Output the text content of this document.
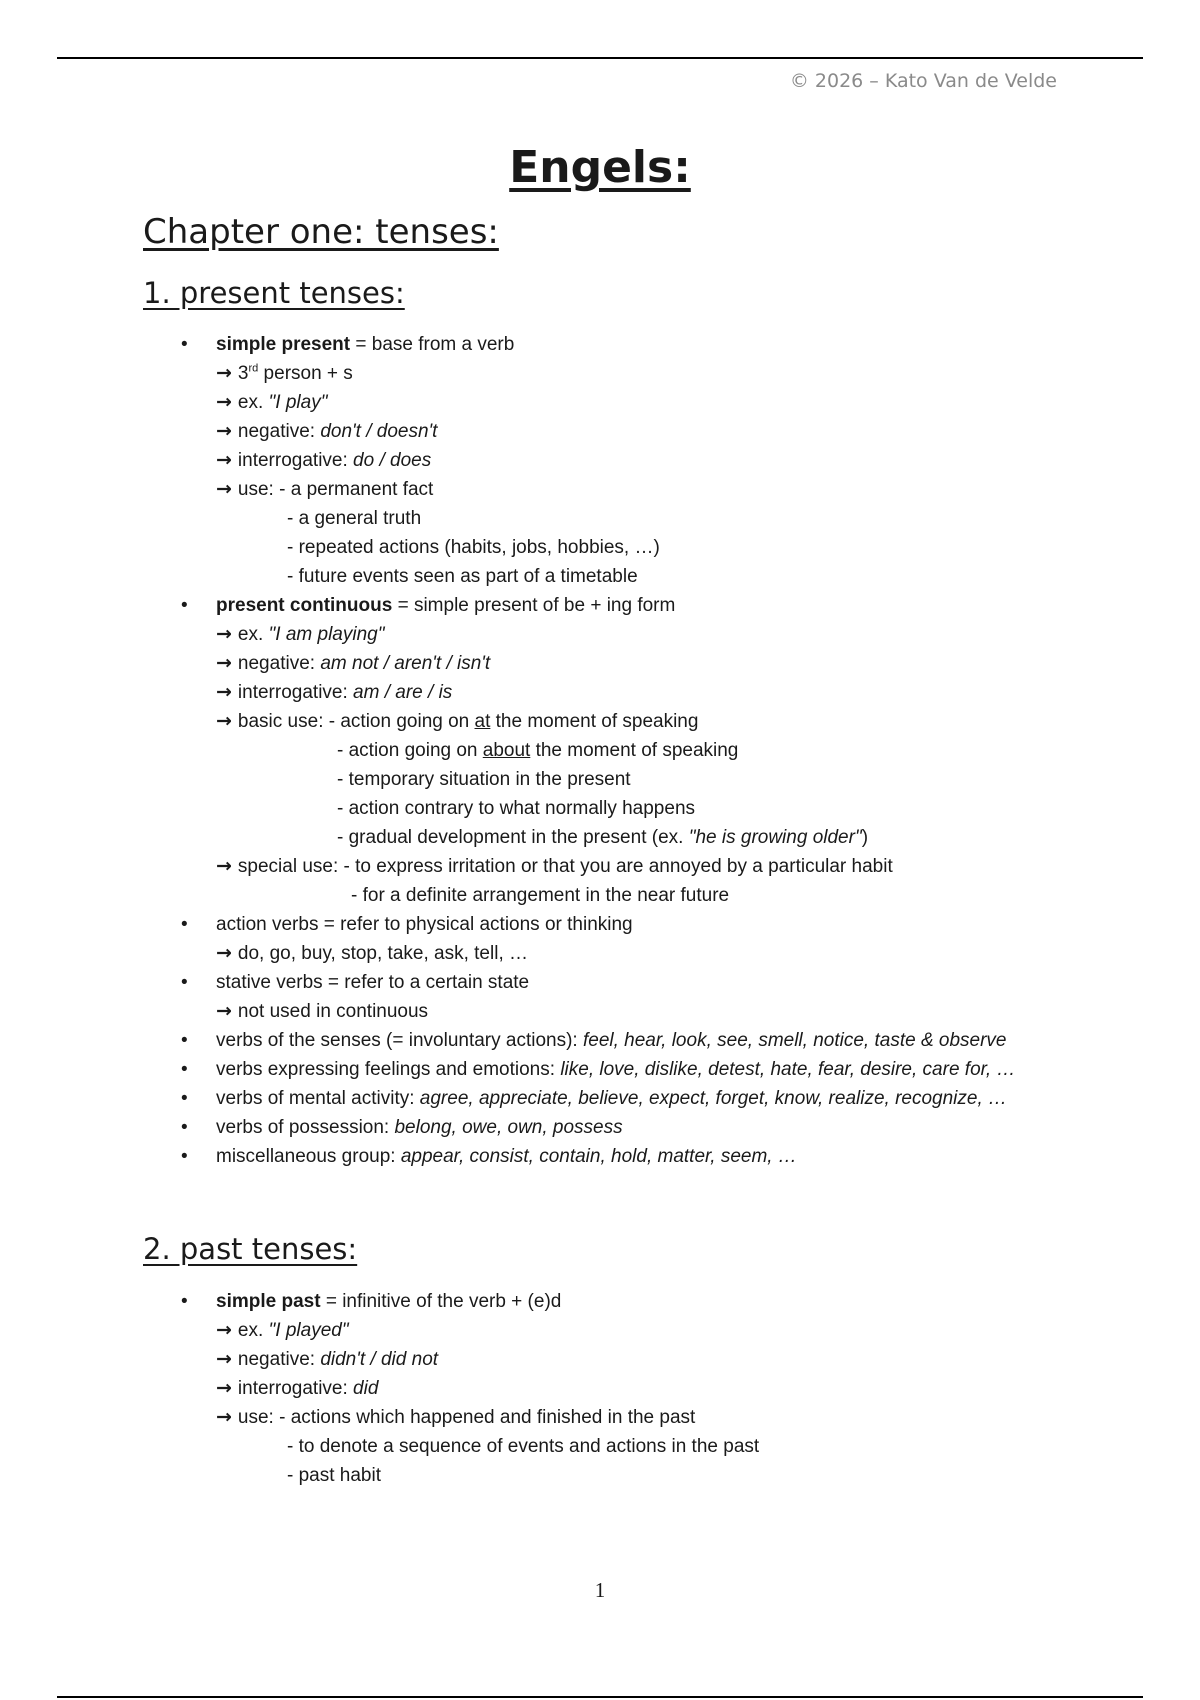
© 2026 – Kato Van de Velde
Engels:
Chapter one: tenses:
1. present tenses:
simple present = base from a verb
→ 3rd person + s
→ ex. "I play"
→ negative: don't / doesn't
→ interrogative: do / does
→ use: - a permanent fact
- a general truth
- repeated actions (habits, jobs, hobbies, …)
- future events seen as part of a timetable
present continuous = simple present of be + ing form
→ ex. "I am playing"
→ negative: am not / aren't / isn't
→ interrogative: am / are / is
→ basic use: - action going on at the moment of speaking
- action going on about the moment of speaking
- temporary situation in the present
- action contrary to what normally happens
- gradual development in the present (ex. "he is growing older")
→ special use: - to express irritation or that you are annoyed by a particular habit
- for a definite arrangement in the near future
action verbs = refer to physical actions or thinking
→ do, go, buy, stop, take, ask, tell, …
stative verbs = refer to a certain state
→ not used in continuous
verbs of the senses (= involuntary actions): feel, hear, look, see, smell, notice, taste & observe
verbs expressing feelings and emotions: like, love, dislike, detest, hate, fear, desire, care for, …
verbs of mental activity: agree, appreciate, believe, expect, forget, know, realize, recognize, …
verbs of possession: belong, owe, own, possess
miscellaneous group: appear, consist, contain, hold, matter, seem, …
2. past tenses:
simple past = infinitive of the verb + (e)d
→ ex. "I played"
→ negative: didn't / did not
→ interrogative: did
→ use: - actions which happened and finished in the past
- to denote a sequence of events and actions in the past
- past habit
1
